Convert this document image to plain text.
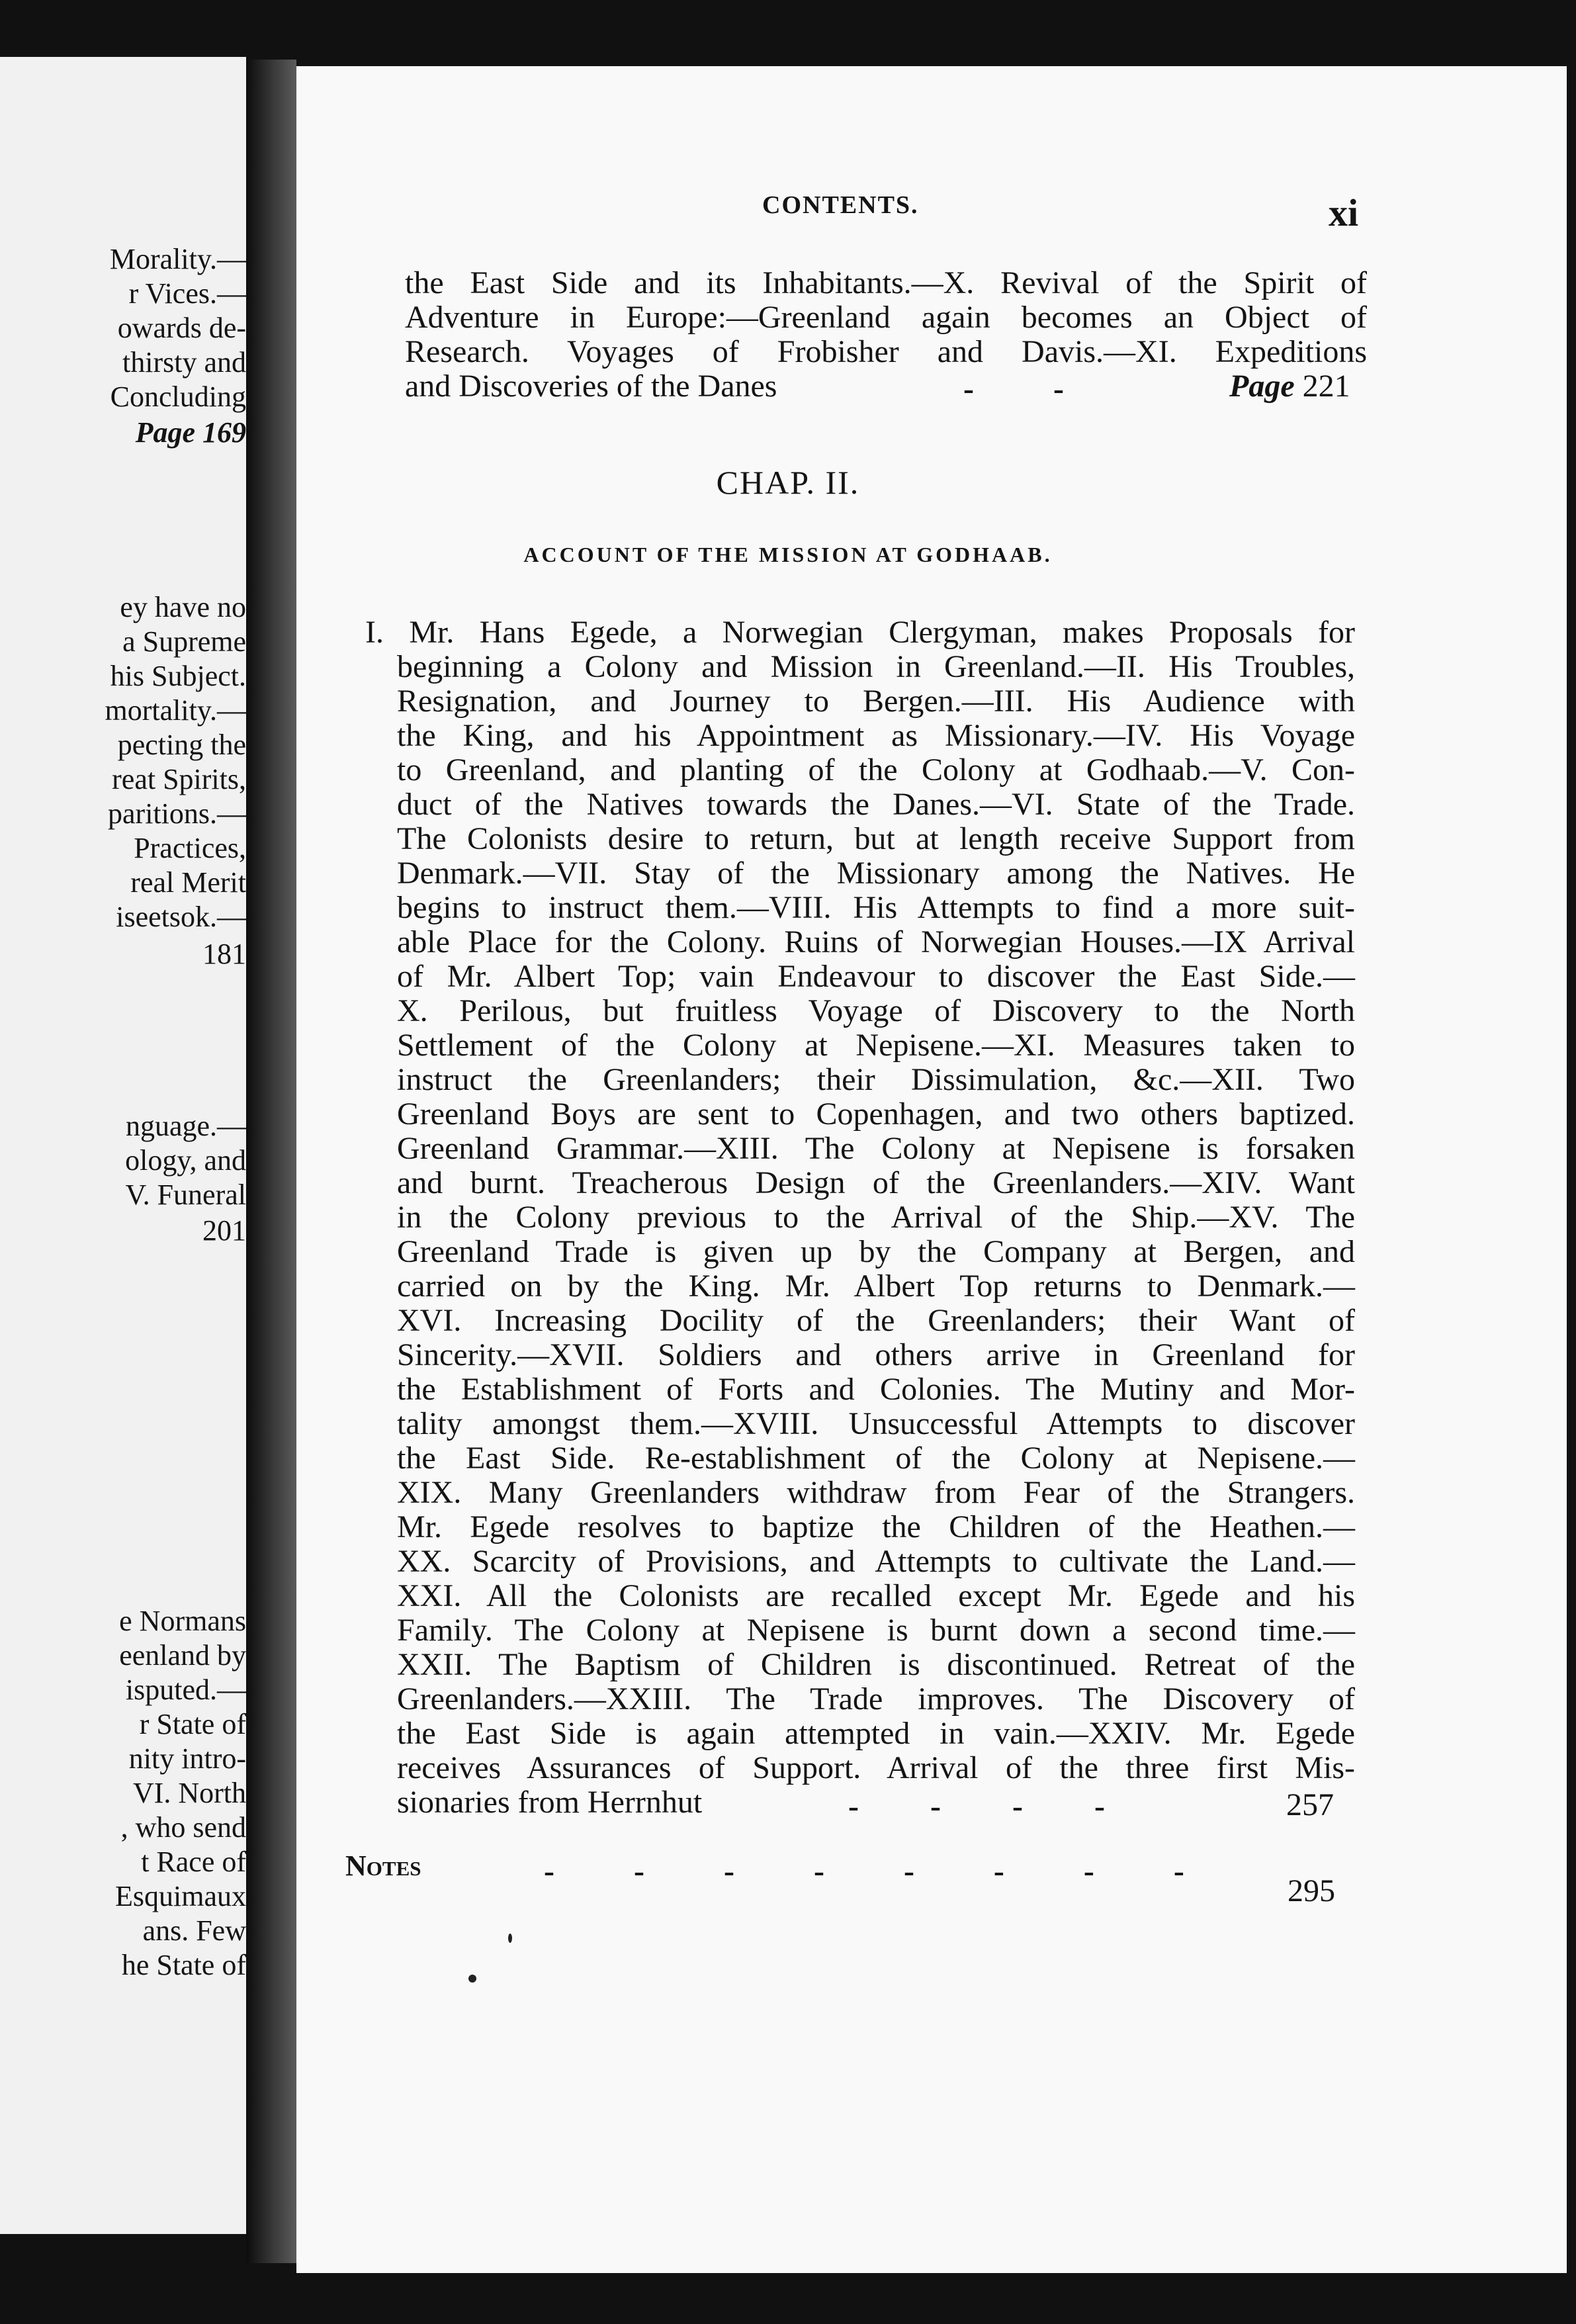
Morality.—
r Vices.—
owards de-
thirsty and
Concluding
Page 169
ey have no
a Supreme
his Subject.
mortality.—
pecting the
reat Spirits,
paritions.—
Practices,
real Merit
iseetsok.—
181
nguage.—
ology, and
V. Funeral
201
e Normans
eenland by
isputed.—
r State of
nity intro-
VI. North
, who send
t Race of
Esquimaux
ans. Few
he State of
CONTENTS.	xi
the East Side and its Inhabitants.—X. Revival of the Spirit of
Adventure in Europe:—Greenland again becomes an Object of
Research. Voyages of Frobisher and Davis.—XI. Expeditions
and Discoveries of the Danes	-          -	Page 221
CHAP. II.
ACCOUNT OF THE MISSION AT GODHAAB.
I. Mr. Hans Egede, a Norwegian Clergyman, makes Proposals for
beginning a Colony and Mission in Greenland.—II. His Troubles,
Resignation, and Journey to Bergen.—III. His Audience with
the King, and his Appointment as Missionary.—IV. His Voyage
to Greenland, and planting of the Colony at Godhaab.—V. Con-
duct of the Natives towards the Danes.—VI. State of the Trade.
The Colonists desire to return, but at length receive Support from
Denmark.—VII. Stay of the Missionary among the Natives. He
begins to instruct them.—VIII. His Attempts to find a more suit-
able Place for the Colony. Ruins of Norwegian Houses.—IX Arrival
of Mr. Albert Top; vain Endeavour to discover the East Side.—
X. Perilous, but fruitless Voyage of Discovery to the North
Settlement of the Colony at Nepisene.—XI. Measures taken to
instruct the Greenlanders; their Dissimulation, &c.—XII. Two
Greenland Boys are sent to Copenhagen, and two others baptized.
Greenland Grammar.—XIII. The Colony at Nepisene is forsaken
and burnt. Treacherous Design of the Greenlanders.—XIV. Want
in the Colony previous to the Arrival of the Ship.—XV. The
Greenland Trade is given up by the Company at Bergen, and
carried on by the King. Mr. Albert Top returns to Denmark.—
XVI. Increasing Docility of the Greenlanders; their Want of
Sincerity.—XVII. Soldiers and others arrive in Greenland for
the Establishment of Forts and Colonies. The Mutiny and Mor-
tality amongst them.—XVIII. Unsuccessful Attempts to discover
the East Side. Re-establishment of the Colony at Nepisene.—
XIX. Many Greenlanders withdraw from Fear of the Strangers.
Mr. Egede resolves to baptize the Children of the Heathen.—
XX. Scarcity of Provisions, and Attempts to cultivate the Land.—
XXI. All the Colonists are recalled except Mr. Egede and his
Family. The Colony at Nepisene is burnt down a second time.—
XXII. The Baptism of Children is discontinued. Retreat of the
Greenlanders.—XXIII. The Trade improves. The Discovery of
the East Side is again attempted in vain.—XXIV. Mr. Egede
receives Assurances of Support. Arrival of the three first Mis-
sionaries from Herrnhut	-         -         -         -	257
Notes	-          -          -          -          -          -          -          -
295
